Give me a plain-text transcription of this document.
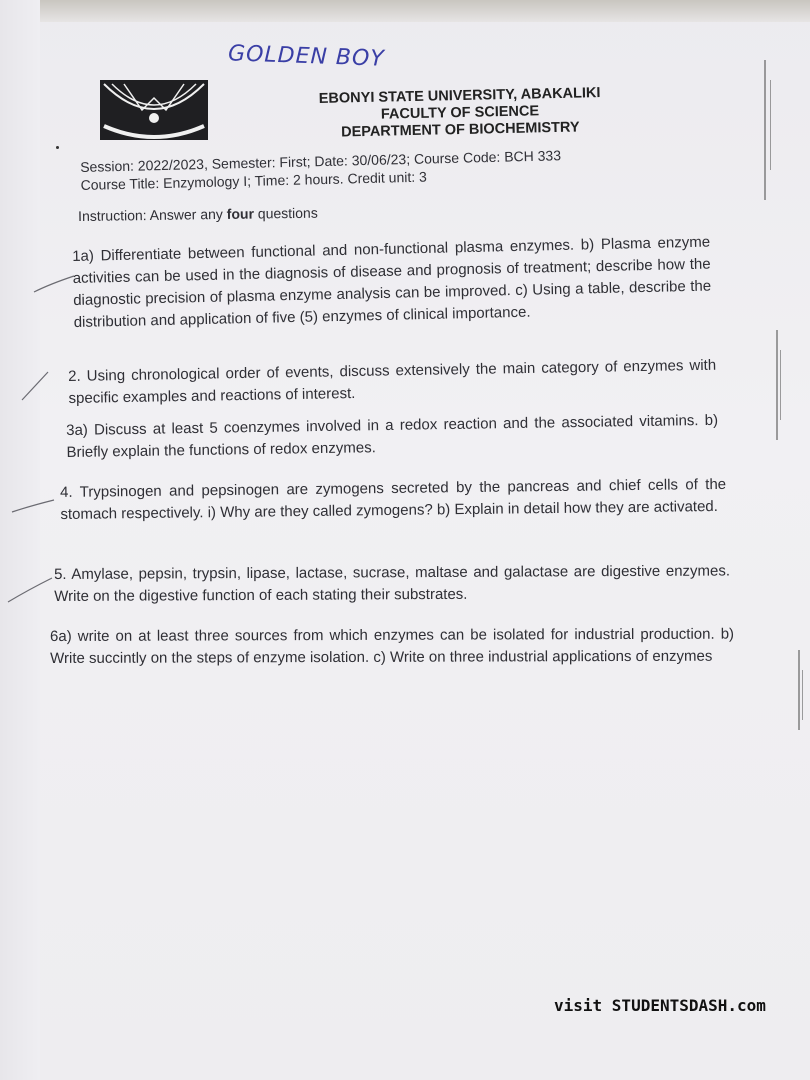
GOLDEN BOY
EBONYI STATE UNIVERSITY, ABAKALIKI
FACULTY OF SCIENCE
DEPARTMENT OF BIOCHEMISTRY
Session: 2022/2023, Semester: First; Date: 30/06/23; Course Code: BCH 333
Course Title: Enzymology I; Time: 2 hours. Credit unit: 3
Instruction: Answer any four questions
1a) Differentiate between functional and non-functional plasma enzymes. b) Plasma enzyme activities can be used in the diagnosis of disease and prognosis of treatment; describe how the diagnostic precision of plasma enzyme analysis can be improved. c) Using a table, describe the distribution and application of five (5) enzymes of clinical importance.
2. Using chronological order of events, discuss extensively the main category of enzymes with specific examples and reactions of interest.
3a) Discuss at least 5 coenzymes involved in a redox reaction and the associated vitamins. b) Briefly explain the functions of redox enzymes.
4. Trypsinogen and pepsinogen are zymogens secreted by the pancreas and chief cells of the stomach respectively. i) Why are they called zymogens? b) Explain in detail how they are activated.
5. Amylase, pepsin, trypsin, lipase, lactase, sucrase, maltase and galactase are digestive enzymes. Write on the digestive function of each stating their substrates.
6a) write on at least three sources from which enzymes can be isolated for industrial production. b) Write succintly on the steps of enzyme isolation. c) Write on three industrial applications of enzymes
visit STUDENTSDASH.com
